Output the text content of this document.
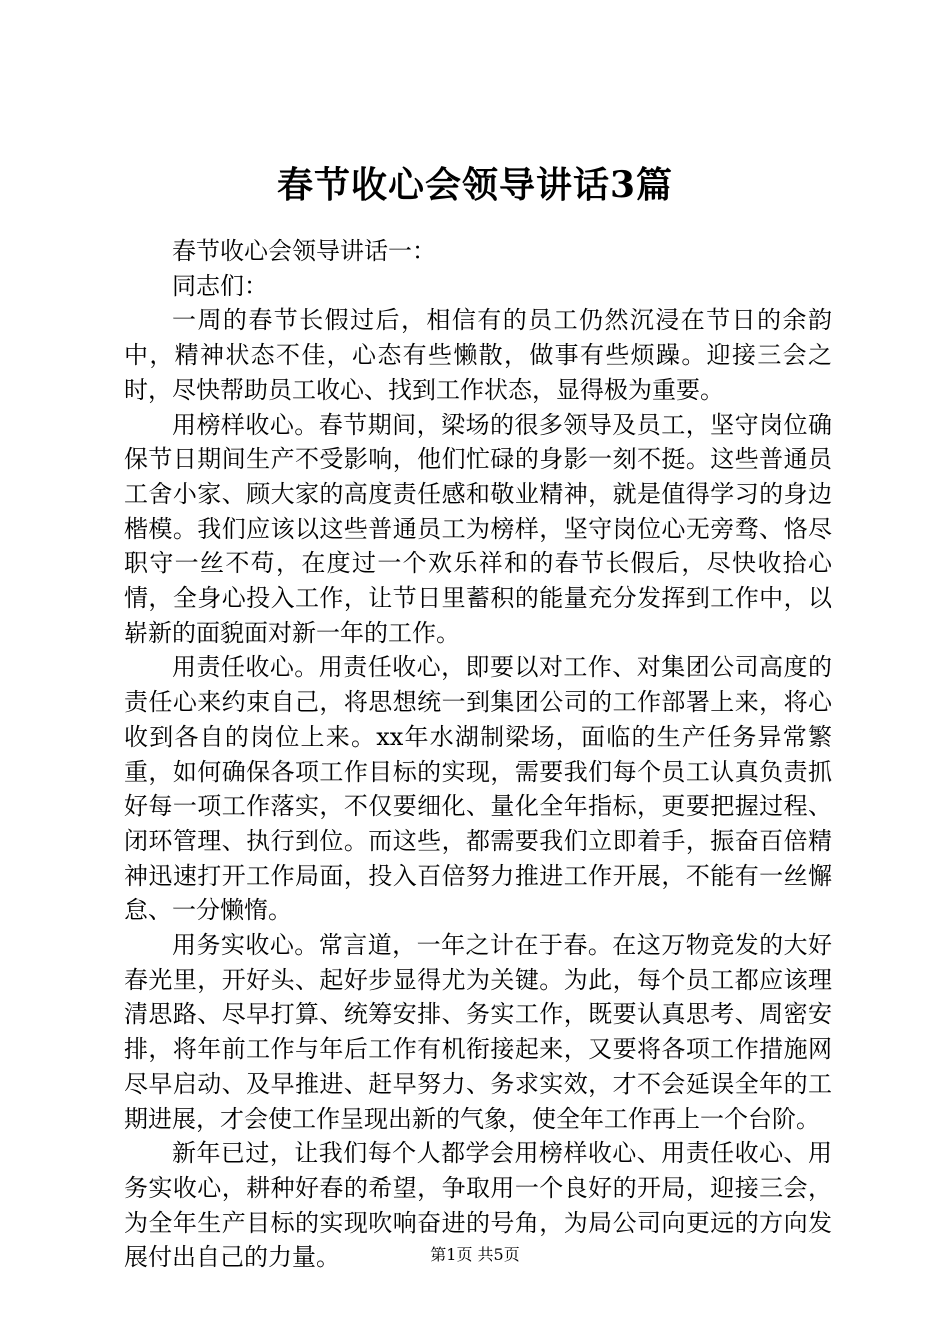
春节收心会领导讲话3篇

春节收心会领导讲话一：

同志们：

一周的春节长假过后，相信有的员工仍然沉浸在节日的余韵中，精神状态不佳，心态有些懒散，做事有些烦躁。迎接三会之时，尽快帮助员工收心、找到工作状态，显得极为重要。

用榜样收心。春节期间，梁场的很多领导及员工，坚守岗位确保节日期间生产不受影响，他们忙碌的身影一刻不挺。这些普通员工舍小家、顾大家的高度责任感和敬业精神，就是值得学习的身边楷模。我们应该以这些普通员工为榜样，坚守岗位心无旁骛、恪尽职守一丝不苟，在度过一个欢乐祥和的春节长假后，尽快收拾心情，全身心投入工作，让节日里蓄积的能量充分发挥到工作中，以崭新的面貌面对新一年的工作。

用责任收心。用责任收心，即要以对工作、对集团公司高度的责任心来约束自己，将思想统一到集团公司的工作部署上来，将心收到各自的岗位上来。xx年水湖制梁场，面临的生产任务异常繁重，如何确保各项工作目标的实现，需要我们每个员工认真负责抓好每一项工作落实，不仅要细化、量化全年指标，更要把握过程、闭环管理、执行到位。而这些，都需要我们立即着手，振奋百倍精神迅速打开工作局面，投入百倍努力推进工作开展，不能有一丝懈怠、一分懒惰。

用务实收心。常言道，一年之计在于春。在这万物竞发的大好春光里，开好头、起好步显得尤为关键。为此，每个员工都应该理清思路、尽早打算、统筹安排、务实工作，既要认真思考、周密安排，将年前工作与年后工作有机衔接起来，又要将各项工作措施网尽早启动、及早推进、赶早努力、务求实效，才不会延误全年的工期进展，才会使工作呈现出新的气象，使全年工作再上一个台阶。

新年已过，让我们每个人都学会用榜样收心、用责任收心、用务实收心，耕种好春的希望，争取用一个良好的开局，迎接三会，为全年生产目标的实现吹响奋进的号角，为局公司向更远的方向发展付出自己的力量。	第1页 共5页
